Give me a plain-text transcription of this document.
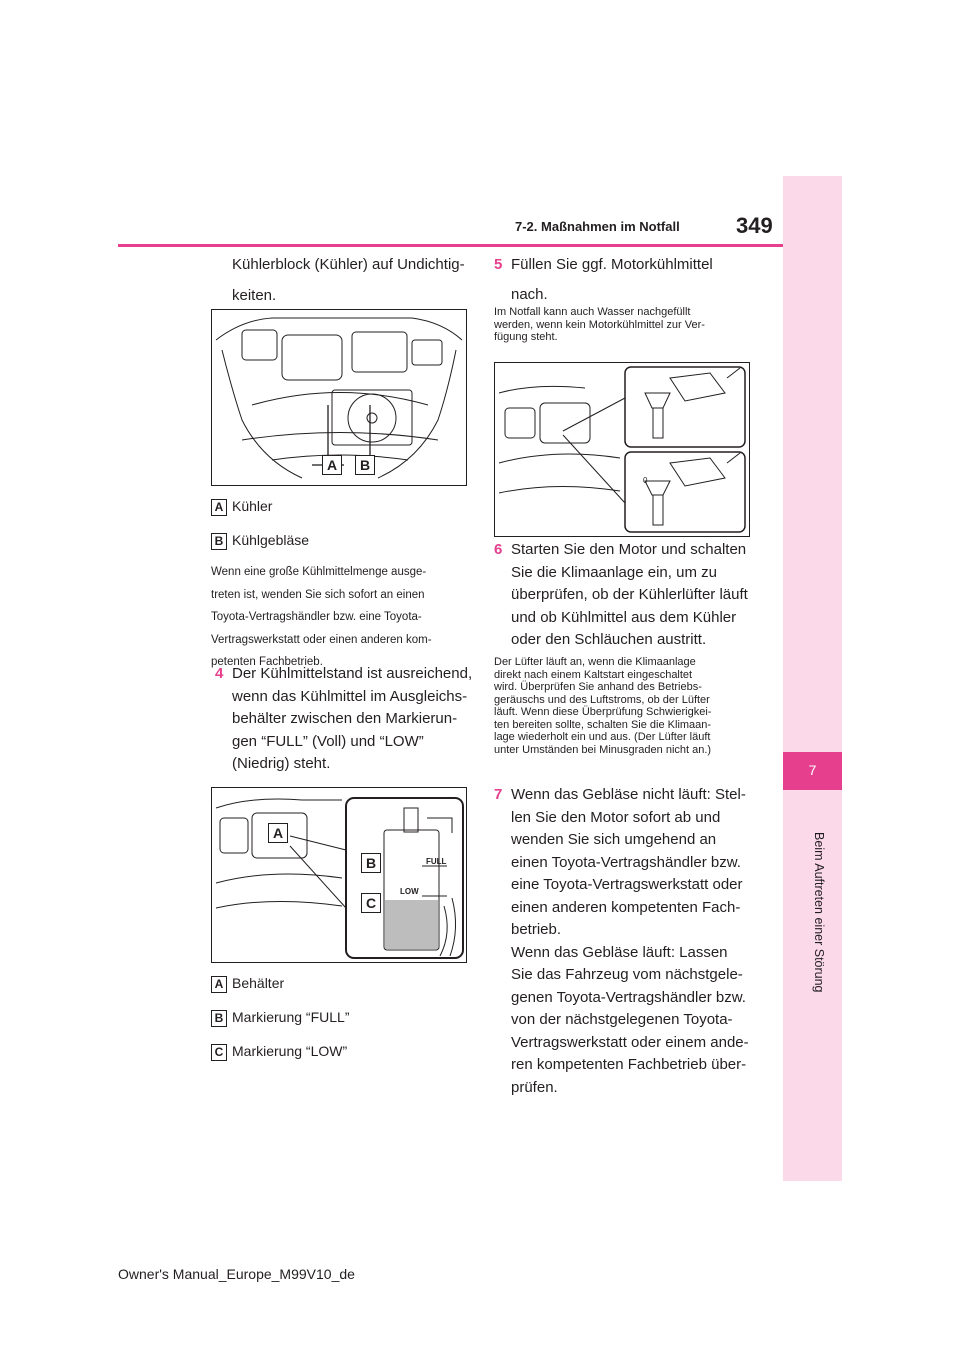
7-2. Maßnahmen im Notfall	349
7
Beim Auftreten einer Störung
Kühlerblock (Kühler) auf Undichtig-
keiten.
A	B
A Kühler
B Kühlgebläse
Wenn eine große Kühlmittelmenge ausge-
treten ist, wenden Sie sich sofort an einen
Toyota-Vertragshändler bzw. eine Toyota-
Vertragswerkstatt oder einen anderen kom-
petenten Fachbetrieb.
4 Der Kühlmittelstand ist ausreichend,
wenn das Kühlmittel im Ausgleichs-
behälter zwischen den Markierun-
gen “FULL” (Voll) und “LOW”
(Niedrig) steht.
FULL
LOW
A
B
C
A Behälter
B Markierung “FULL”
C Markierung “LOW”
5 Füllen Sie ggf. Motorkühlmittel
nach.
Im Notfall kann auch Wasser nachgefüllt
werden, wenn kein Motorkühlmittel zur Ver-
fügung steht.
0
6 Starten Sie den Motor und schalten
Sie die Klimaanlage ein, um zu
überprüfen, ob der Kühlerlüfter läuft
und ob Kühlmittel aus dem Kühler
oder den Schläuchen austritt.
Der Lüfter läuft an, wenn die Klimaanlage
direkt nach einem Kaltstart eingeschaltet
wird. Überprüfen Sie anhand des Betriebs-
geräuschs und des Luftstroms, ob der Lüfter
läuft. Wenn diese Überprüfung Schwierigkei-
ten bereiten sollte, schalten Sie die Klimaan-
lage wiederholt ein und aus. (Der Lüfter läuft
unter Umständen bei Minusgraden nicht an.)
7 Wenn das Gebläse nicht läuft: Stel-
len Sie den Motor sofort ab und
wenden Sie sich umgehend an
einen Toyota-Vertragshändler bzw.
eine Toyota-Vertragswerkstatt oder
einen anderen kompetenten Fach-
betrieb.
Wenn das Gebläse läuft: Lassen
Sie das Fahrzeug vom nächstgele-
genen Toyota-Vertragshändler bzw.
von der nächstgelegenen Toyota-
Vertragswerkstatt oder einem ande-
ren kompetenten Fachbetrieb über-
prüfen.
Owner's Manual_Europe_M99V10_de
